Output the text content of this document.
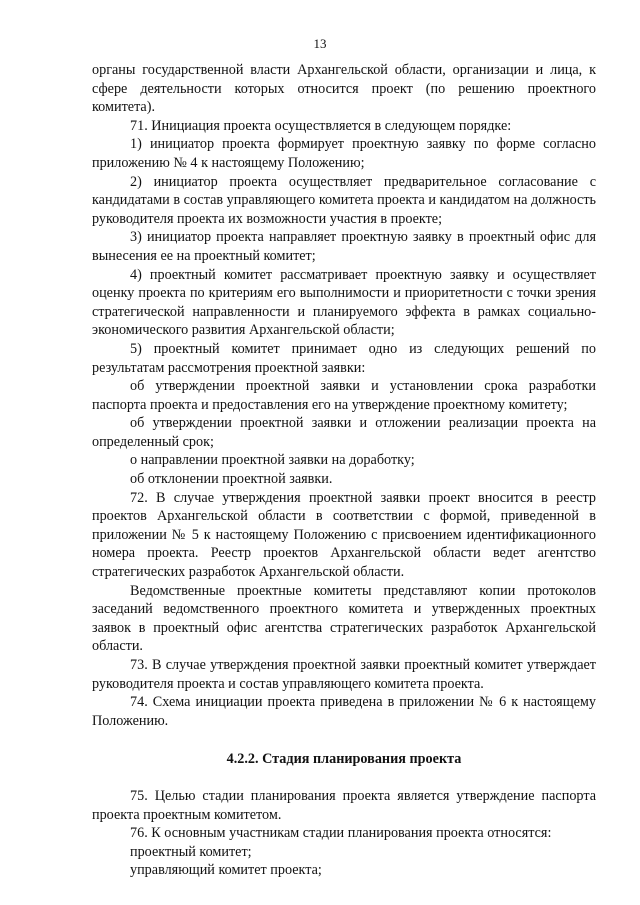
13

органы государственной власти Архангельской области, организации и лица, к сфере деятельности которых относится проект (по решению проектного комитета).

71. Инициация проекта осуществляется в следующем порядке:

1) инициатор проекта формирует проектную заявку по форме согласно приложению № 4 к настоящему Положению;

2) инициатор проекта осуществляет предварительное согласование с кандидатами в состав управляющего комитета проекта и кандидатом на должность руководителя проекта их возможности участия в проекте;

3) инициатор проекта направляет проектную заявку в проектный офис для вынесения ее на проектный комитет;

4) проектный комитет рассматривает проектную заявку и осуществляет оценку проекта по критериям его выполнимости и приоритетности с точки зрения стратегической направленности и планируемого эффекта в рамках социально-экономического развития Архангельской области;

5) проектный комитет принимает одно из следующих решений по результатам рассмотрения проектной заявки:

об утверждении проектной заявки и установлении срока разработки паспорта проекта и предоставления его на утверждение проектному комитету;

об утверждении проектной заявки и отложении реализации проекта на определенный срок;

о направлении проектной заявки на доработку;

об отклонении проектной заявки.

72. В случае утверждения проектной заявки проект вносится в реестр проектов Архангельской области в соответствии с формой, приведенной в приложении № 5 к настоящему Положению с присвоением идентификационного номера проекта. Реестр проектов Архангельской области ведет агентство стратегических разработок Архангельской области.

Ведомственные проектные комитеты представляют копии протоколов заседаний ведомственного проектного комитета и утвержденных проектных заявок в проектный офис агентства стратегических разработок Архангельской области.

73. В случае утверждения проектной заявки проектный комитет утверждает руководителя проекта и состав управляющего комитета проекта.

74. Схема инициации проекта приведена в приложении № 6 к настоящему Положению.

4.2.2. Стадия планирования проекта

75. Целью стадии планирования проекта является утверждение паспорта проекта проектным комитетом.

76. К основным участникам стадии планирования проекта относятся:

проектный комитет;

управляющий комитет проекта;
